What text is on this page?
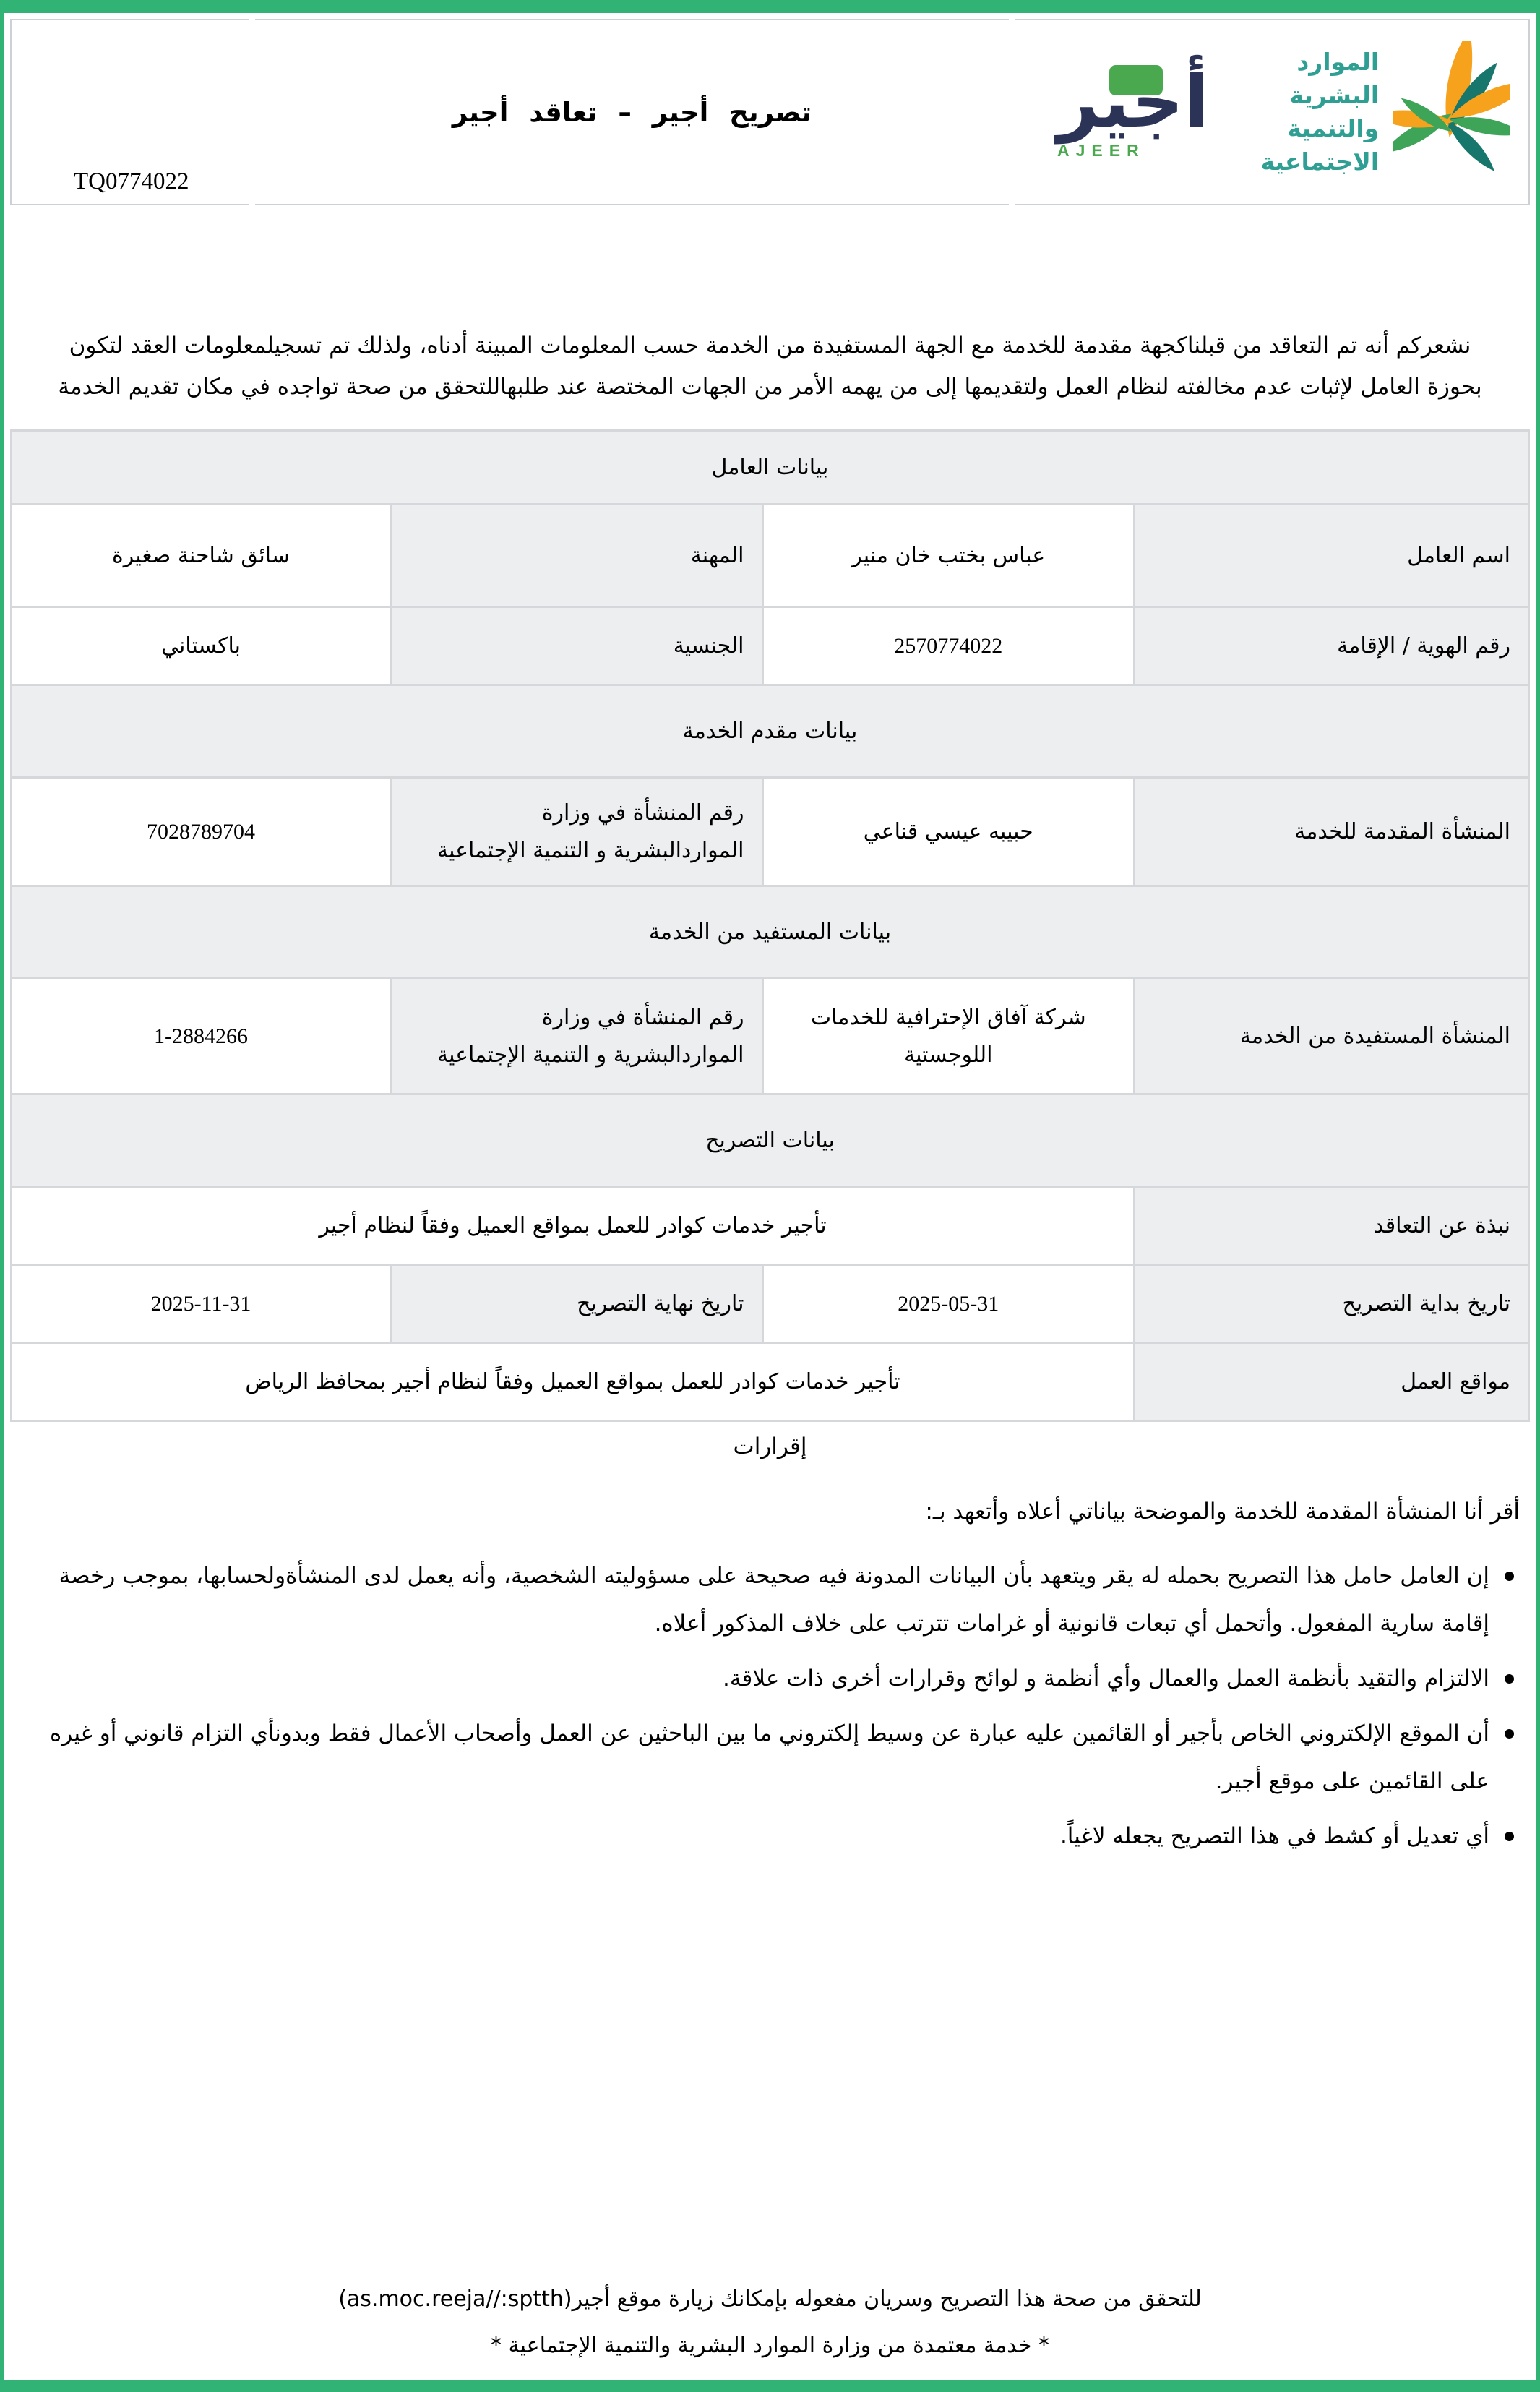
TQ0774022
تصريح أجير – تعاقد أجير	أجير
AJEER
الموارد البشرية
والتنمية الاجتماعية

نشعركم أنه تم التعاقد من قبلناكجهة مقدمة للخدمة مع الجهة المستفيدة من الخدمة حسب المعلومات المبينة أدناه، ولذلك تم تسجيلمعلومات العقد لتكون بحوزة العامل لإثبات عدم مخالفته لنظام العمل ولتقديمها إلى من يهمه الأمر من الجهات المختصة عند طلبهاللتحقق من صحة تواجده في مكان تقديم الخدمة

بيانات العامل			
اسم العامل	عباس بختب خان منير	المهنة	سائق شاحنة صغيرة
رقم الهوية / الإقامة	2570774022	الجنسية	باكستاني
بيانات مقدم الخدمة			
المنشأة المقدمة للخدمة	حبيبه عيسي قناعي	رقم المنشأة في وزارة المواردالبشرية و التنمية الإجتماعية	7028789704
بيانات المستفيد من الخدمة			
المنشأة المستفيدة من الخدمة	شركة آفاق الإحترافية للخدمات اللوجستية	رقم المنشأة في وزارة المواردالبشرية و التنمية الإجتماعية	1-2884266
بيانات التصريح			
نبذة عن التعاقد	تأجير خدمات كوادر للعمل بمواقع العميل وفقاً لنظام أجير		
تاريخ بداية التصريح	2025-05-31	تاريخ نهاية التصريح	2025-11-31
مواقع العمل	تأجير خدمات كوادر للعمل بمواقع العميل وفقاً لنظام أجير بمحافظ الرياض		
إقرارات

أقر أنا المنشأة المقدمة للخدمة والموضحة بياناتي أعلاه وأتعهد بـ:

إن العامل حامل هذا التصريح بحمله له يقر ويتعهد بأن البيانات المدونة فيه صحيحة على مسؤوليته الشخصية، وأنه يعمل لدى المنشأةولحسابها، بموجب رخصة إقامة سارية المفعول. وأتحمل أي تبعات قانونية أو غرامات تترتب على خلاف المذكور أعلاه.
الالتزام والتقيد بأنظمة العمل والعمال وأي أنظمة و لوائح وقرارات أخرى ذات علاقة.
أن الموقع الإلكتروني الخاص بأجير أو القائمين عليه عبارة عن وسيط إلكتروني ما بين الباحثين عن العمل وأصحاب الأعمال فقط وبدونأي التزام قانوني أو غيره على القائمين على موقع أجير.
أي تعديل أو كشط في هذا التصريح يجعله لاغياً.
للتحقق من صحة هذا التصريح وسريان مفعوله بإمكانك زيارة موقع أجير(as.moc.reeja//:sptth)
* خدمة معتمدة من وزارة الموارد البشرية والتنمية الإجتماعية *
